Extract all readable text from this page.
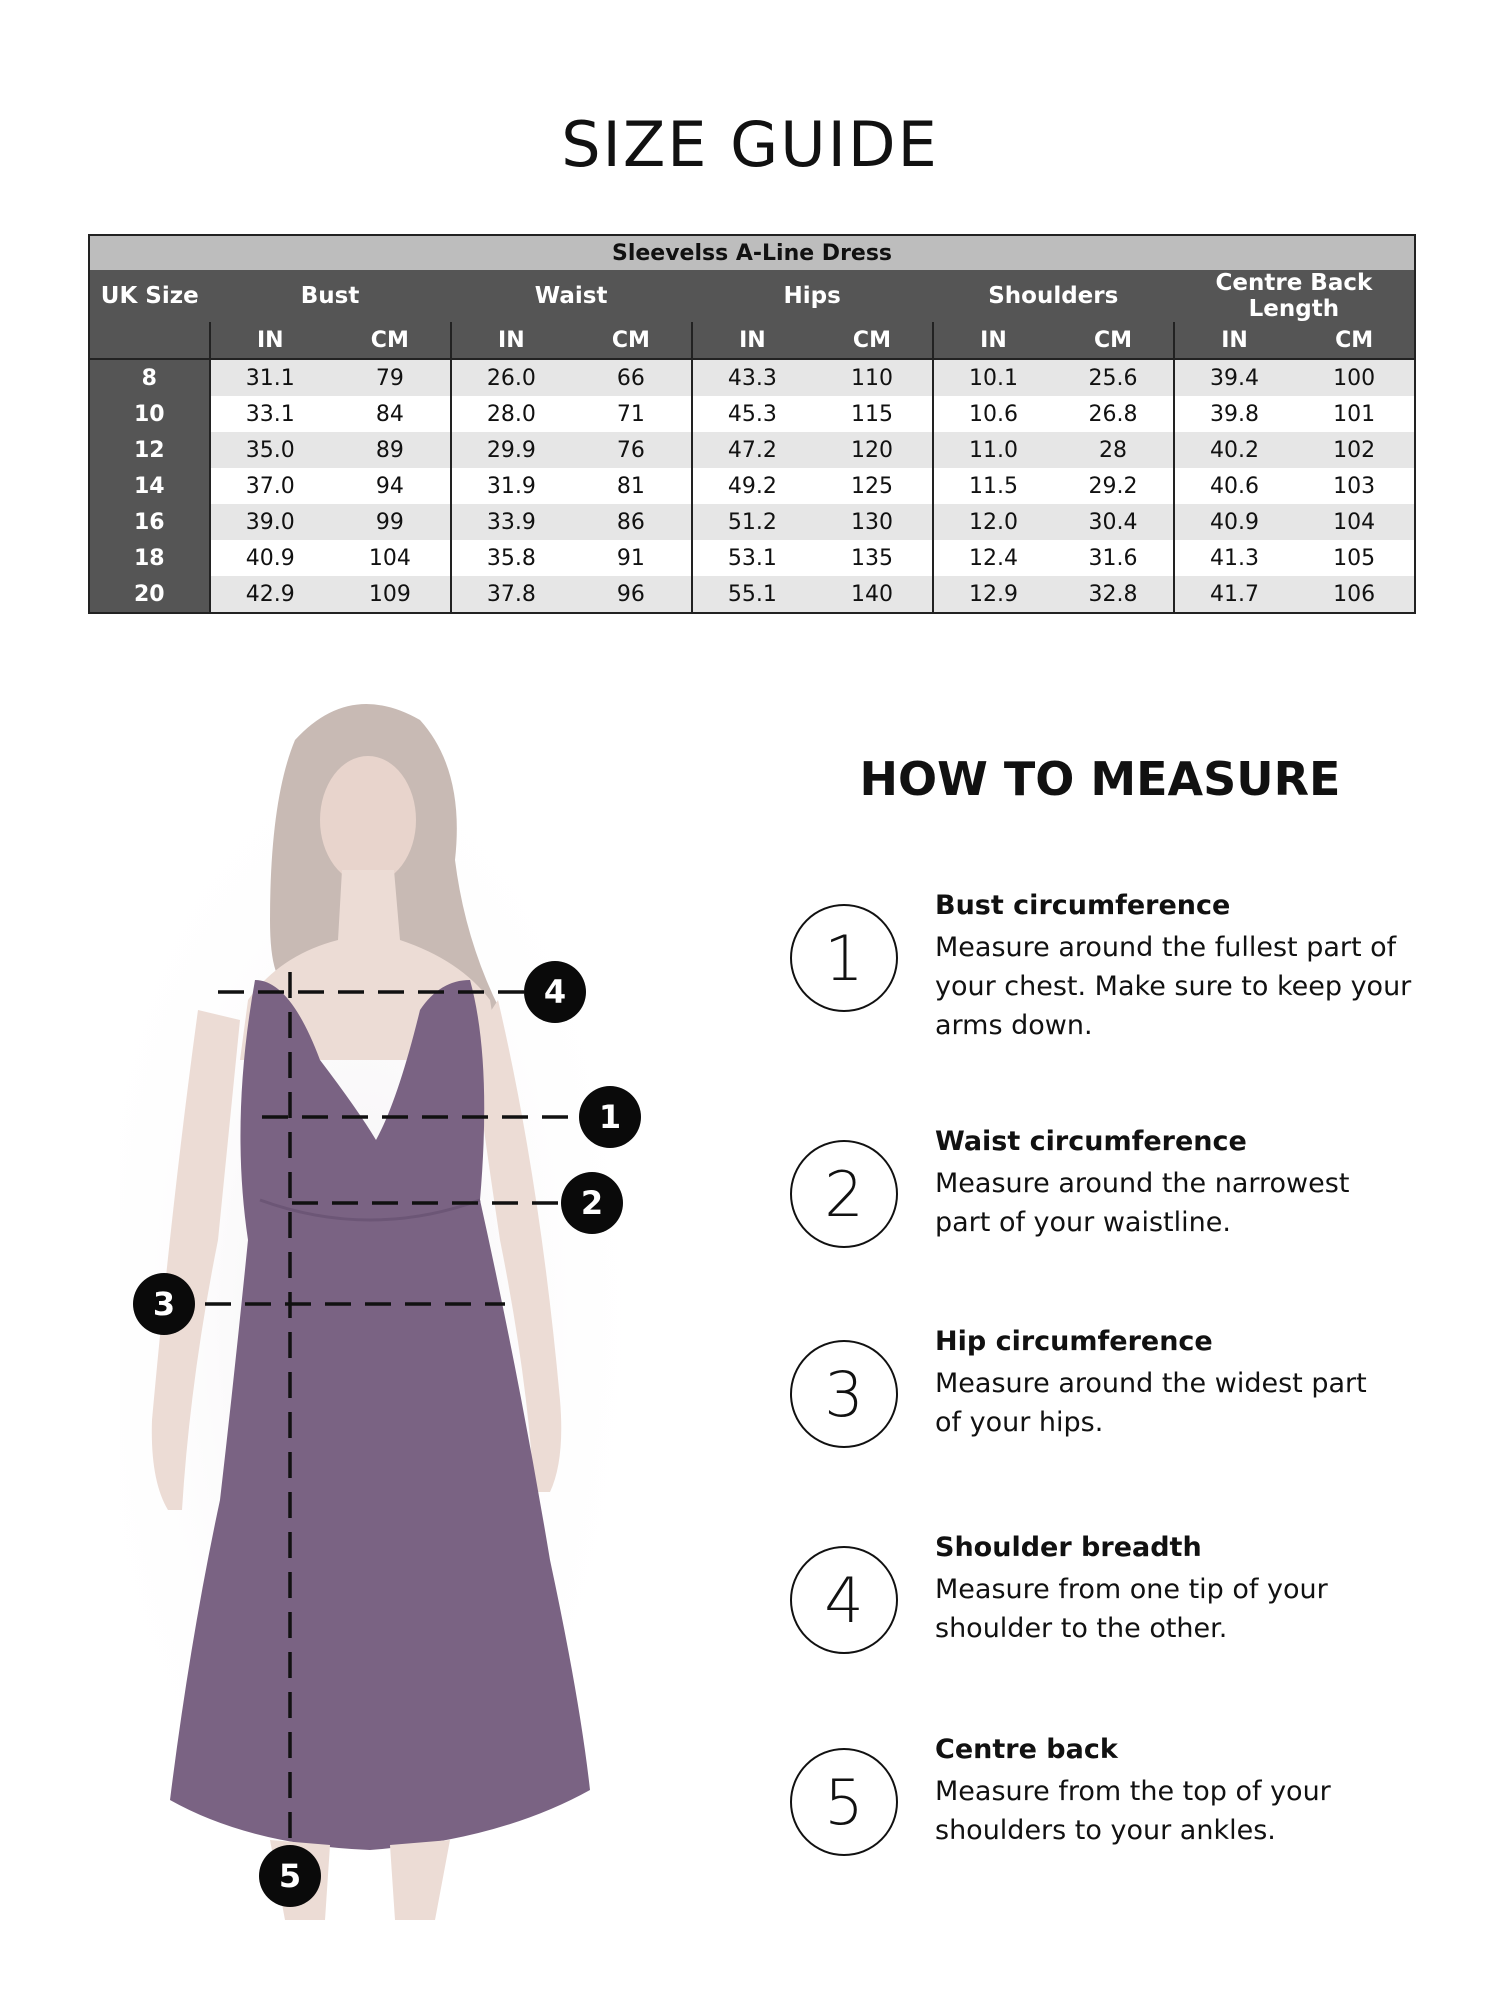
SIZE GUIDE
Sleevelss A-Line Dress										
UK Size	Bust		Waist		Hips		Shoulders		Centre Back Length	
	IN	CM	IN	CM	IN	CM	IN	CM	IN	CM
8	31.1	79	26.0	66	43.3	110	10.1	25.6	39.4	100
10	33.1	84	28.0	71	45.3	115	10.6	26.8	39.8	101
12	35.0	89	29.9	76	47.2	120	11.0	28	40.2	102
14	37.0	94	31.9	81	49.2	125	11.5	29.2	40.6	103
16	39.0	99	33.9	86	51.2	130	12.0	30.4	40.9	104
18	40.9	104	35.8	91	53.1	135	12.4	31.6	41.3	105
20	42.9	109	37.8	96	55.1	140	12.9	32.8	41.7	106
4
1
2
3
5
HOW TO MEASURE
1
Bust circumference
Measure around the fullest part of your chest. Make sure to keep your arms down.
2
Waist circumference
Measure around the narrowest part of your waistline.
3
Hip circumference
Measure around the widest part of your hips.
4
Shoulder breadth
Measure from one tip of your shoulder to the other.
5
Centre back
Measure from the top of your shoulders to your ankles.
